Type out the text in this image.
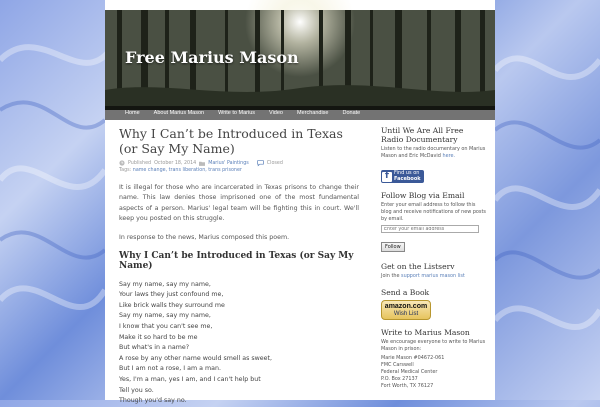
Free Marius Mason
Home	About Marius Mason	Write to Marius	Video	Merchandise	Donate
Why I Can’t be Introduced in Texas (or Say My Name)
Published October 18, 2014	Marius' Paintings	Closed
Tags: name change, trans liberation, trans prisoner

It is illegal for those who are incarcerated in Texas prisons to change their name. This law denies those imprisoned one of the most fundamental aspects of a person. Marius' legal team will be fighting this in court. We'll keep you posted on this struggle.

In response to the news, Marius composed this poem.

Why I Can’t be Introduced in Texas (or Say My Name)
Say my name, say my name,
Your laws they just confound me,
Like brick walls they surround me
Say my name, say my name,
I know that you can't see me,
Make it so hard to be me
But what's in a name?
A rose by any other name would smell as sweet,
But I am not a rose, I am a man.
Yes, I'm a man, yes I am, and I can't help but
Tell you so.
Though you'd say no.
Until We Are All Free Radio Documentary
Listen to the radio documentary on Marius Mason and Eric McDavid here.
f	Find us on
Facebook
Follow Blog via Email
Enter your email address to follow this blog and receive notifications of new posts by email.
Enter your email address Follow
Get on the Listserv
Join the support marius mason list
Send a Book
amazon.com
Wish List
Write to Marius Mason
We encourage everyone to write to Marius Mason in prison:
Marie Mason #04672-061
FMC Carswell
Federal Medical Center
P.O. Box 27137
Fort Worth, TX 76127
